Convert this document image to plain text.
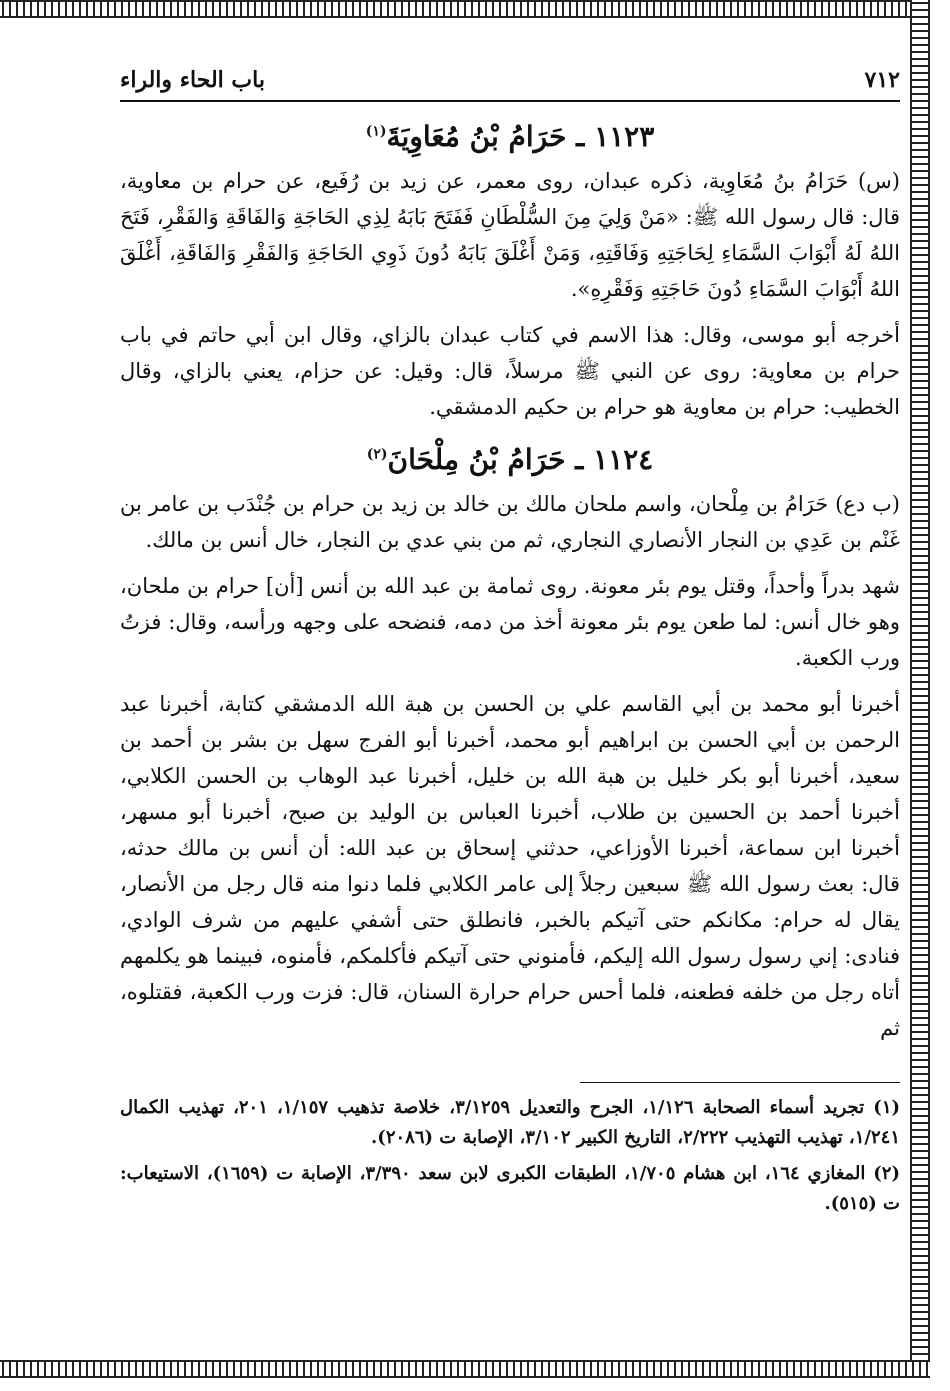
٧١٢
باب الحاء والراء
١١٢٣ ـ حَرَامُ بْنُ مُعَاوِيَةَ$^{(١)}$

(س) حَرَامُ بنُ مُعَاوِية، ذكره عبدان، روى معمر، عن زيد بن رُفَيع، عن حرام بن معاوية، قال: قال رسول الله ﷺ: «مَنْ وَلِيَ مِنَ السُّلْطَانِ فَفَتَحَ بَابَهُ لِذِي الحَاجَةِ وَالفَاقَةِ وَالفَقْرِ، فَتَحَ اللهُ لَهُ أَبْوَابَ السَّمَاءِ لِحَاجَتِهِ وَفَاقَتِهِ، وَمَنْ أَغْلَقَ بَابَهُ دُونَ ذَوِي الحَاجَةِ وَالفَقْرِ وَالفَاقَةِ، أَغْلَقَ اللهُ أَبْوَابَ السَّمَاءِ دُونَ حَاجَتِهِ وَفَقْرِهِ».

أخرجه أبو موسى، وقال: هذا الاسم في كتاب عبدان بالزاي، وقال ابن أبي حاتم في باب حرام بن معاوية: روى عن النبي ﷺ مرسلاً، قال: وقيل: عن حزام، يعني بالزاي، وقال الخطيب: حرام بن معاوية هو حرام بن حكيم الدمشقي.

١١٢٤ ـ حَرَامُ بْنُ مِلْحَانَ$^{(٢)}$

(ب دع) حَرَامُ بن مِلْحان، واسم ملحان مالك بن خالد بن زيد بن حرام بن جُنْدَب بن عامر بن غَنْم بن عَدِي بن النجار الأنصاري النجاري، ثم من بني عدي بن النجار، خال أنس بن مالك.

شهد بدراً وأحداً، وقتل يوم بئر معونة. روى ثمامة بن عبد الله بن أنس [أن] حرام بن ملحان، وهو خال أنس: لما طعن يوم بئر معونة أخذ من دمه، فنضحه على وجهه ورأسه، وقال: فزتُ ورب الكعبة.

أخبرنا أبو محمد بن أبي القاسم علي بن الحسن بن هبة الله الدمشقي كتابة، أخبرنا عبد الرحمن بن أبي الحسن بن ابراهيم أبو محمد، أخبرنا أبو الفرج سهل بن بشر بن أحمد بن سعيد، أخبرنا أبو بكر خليل بن هبة الله بن خليل، أخبرنا عبد الوهاب بن الحسن الكلابي، أخبرنا أحمد بن الحسين بن طلاب، أخبرنا العباس بن الوليد بن صبح، أخبرنا أبو مسهر، أخبرنا ابن سماعة، أخبرنا الأوزاعي، حدثني إسحاق بن عبد الله: أن أنس بن مالك حدثه، قال: بعث رسول الله ﷺ سبعين رجلاً إلى عامر الكلابي فلما دنوا منه قال رجل من الأنصار، يقال له حرام: مكانكم حتى آتيكم بالخبر، فانطلق حتى أشفي عليهم من شرف الوادي، فنادى: إني رسول رسول الله إليكم، فأمنوني حتى آتيكم فأكلمكم، فأمنوه، فبينما هو يكلمهم أتاه رجل من خلفه فطعنه، فلما أحس حرام حرارة السنان، قال: فزت ورب الكعبة، فقتلوه، ثم

(١) تجريد أسماء الصحابة ١/١٢٦، الجرح والتعديل ٣/١٢٥٩، خلاصة تذهيب ١/١٥٧، ٢٠١، تهذيب الكمال ١/٢٤١، تهذيب التهذيب ٢/٢٢٢، التاريخ الكبير ٣/١٠٢، الإصابة ت (٢٠٨٦).

(٢) المغازي ١٦٤، ابن هشام ١/٧٠٥، الطبقات الكبرى لابن سعد ٣/٣٩٠، الإصابة ت (١٦٥٩)، الاستيعاب: ت (٥١٥).
